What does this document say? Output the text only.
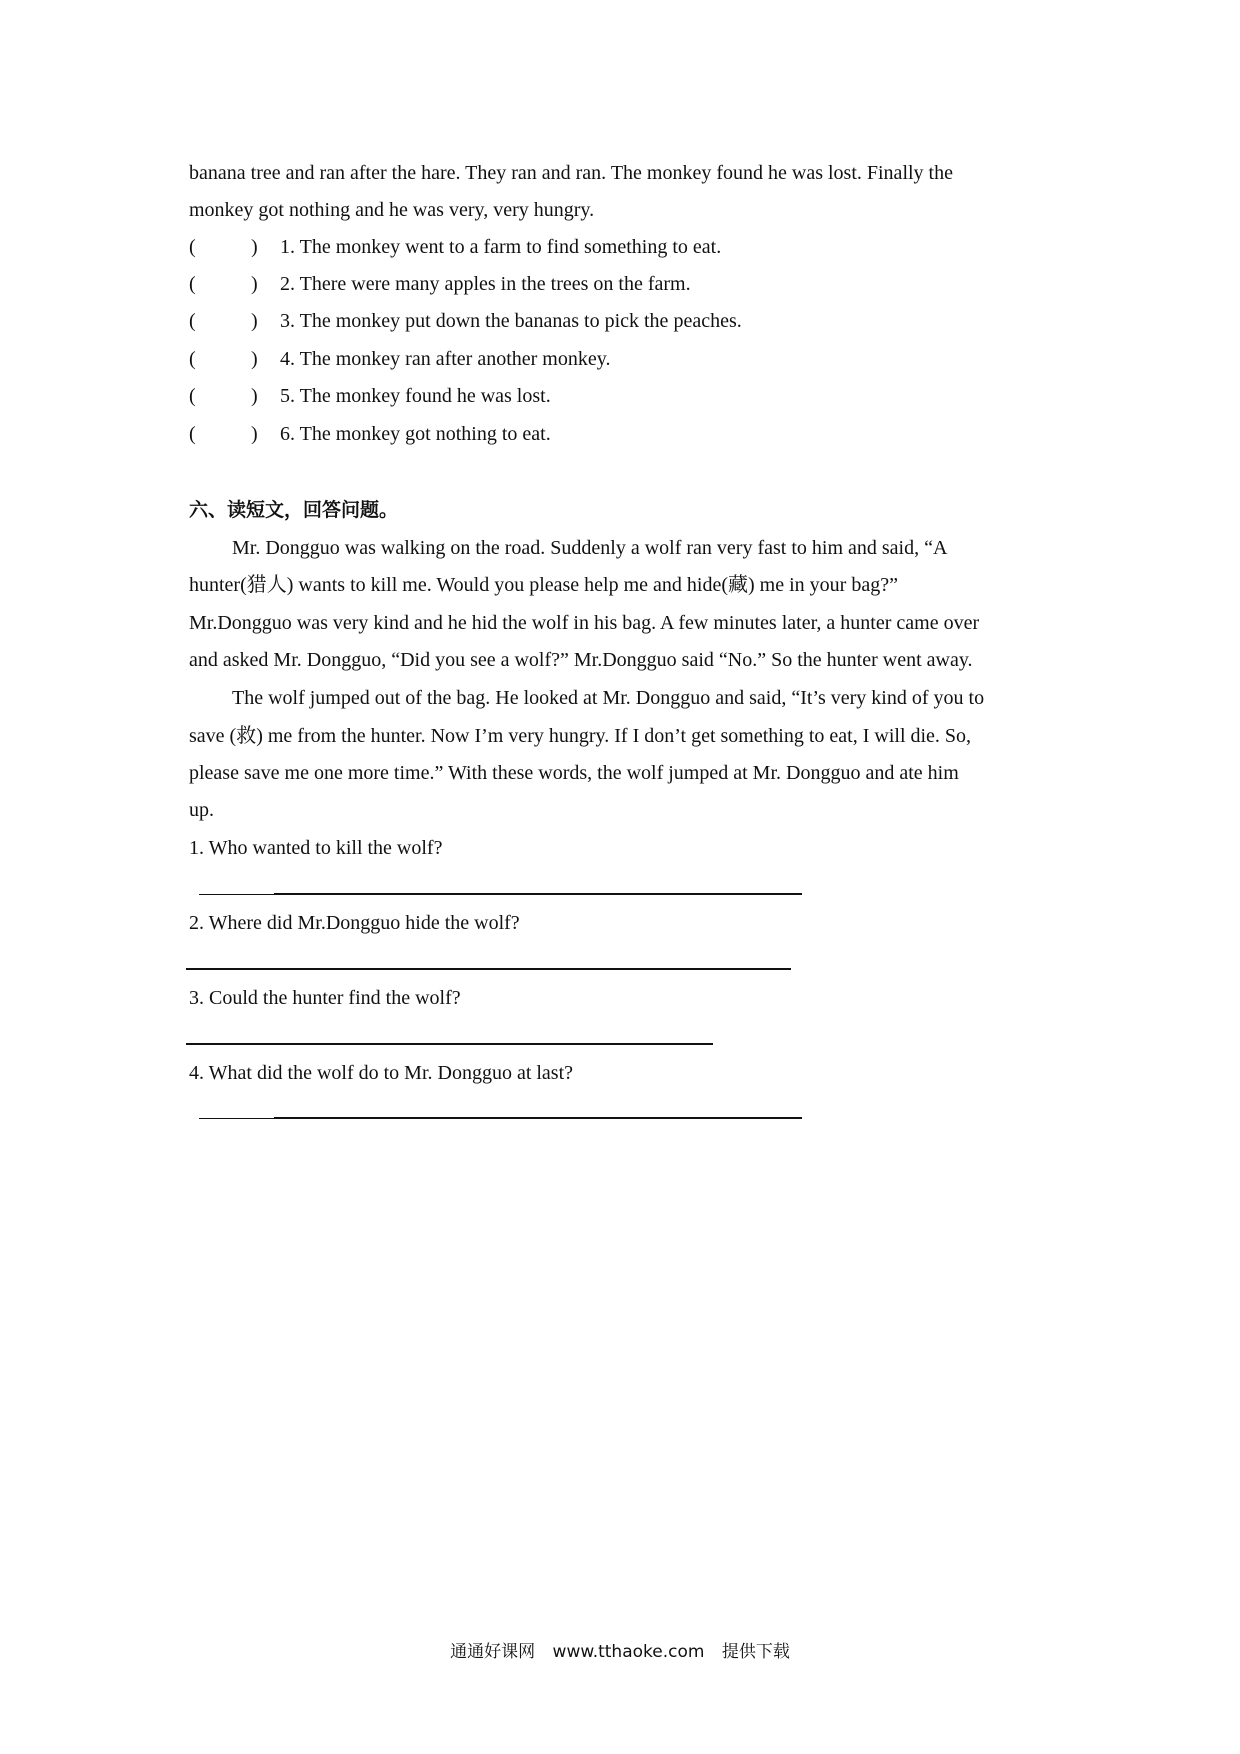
banana tree and ran after the hare. They ran and ran. The monkey found he was lost. Finally the
monkey got nothing and he was very, very hungry.
(	) 1. The monkey went to a farm to find something to eat.
(	) 2. There were many apples in the trees on the farm.
(	) 3. The monkey put down the bananas to pick the peaches.
(	) 4. The monkey ran after another monkey.
(	) 5. The monkey found he was lost.
(	) 6. The monkey got nothing to eat.
六、读短文，回答问题。
Mr. Dongguo was walking on the road. Suddenly a wolf ran very fast to him and said, “A
hunter(猎人) wants to kill me. Would you please help me and hide(藏) me in your bag?”
Mr.Dongguo was very kind and he hid the wolf in his bag. A few minutes later, a hunter came over
and asked Mr. Dongguo, “Did you see a wolf?” Mr.Dongguo said “No.” So the hunter went away.
The wolf jumped out of the bag. He looked at Mr. Dongguo and said, “It’s very kind of you to
save (救) me from the hunter. Now I’m very hungry. If I don’t get something to eat, I will die. So,
please save me one more time.” With these words, the wolf jumped at Mr. Dongguo and ate him
up.
1. Who wanted to kill the wolf?
2. Where did Mr.Dongguo hide the wolf?
3. Could the hunter find the wolf?
4. What did the wolf do to Mr. Dongguo at last?
通通好课网 www.tthaoke.com 提供下载
